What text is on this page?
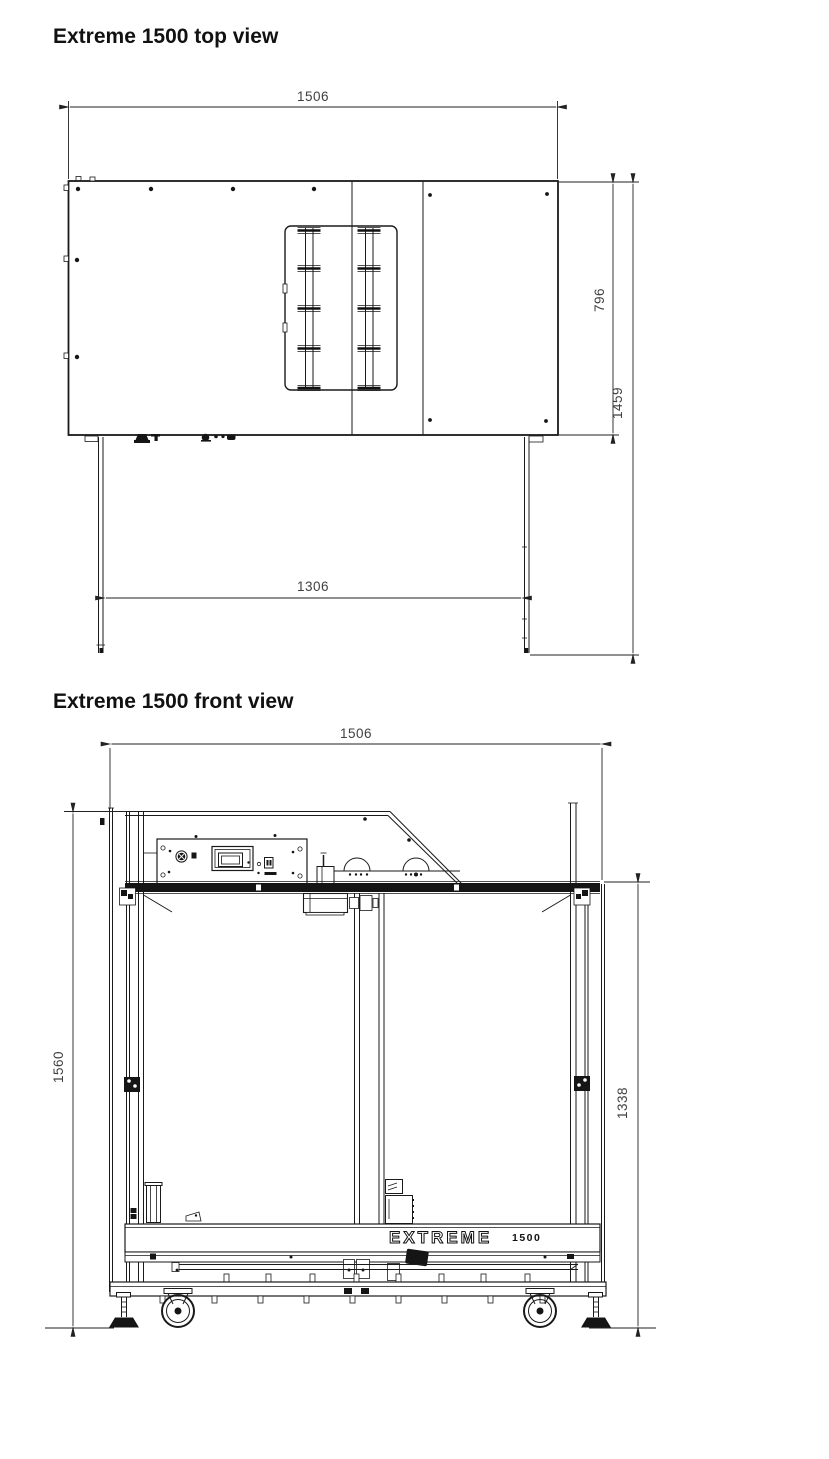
Extreme 1500 top view
1506
1306
796
1459
Extreme 1500 front view
1506
EXTREME 1500
1560
1338
